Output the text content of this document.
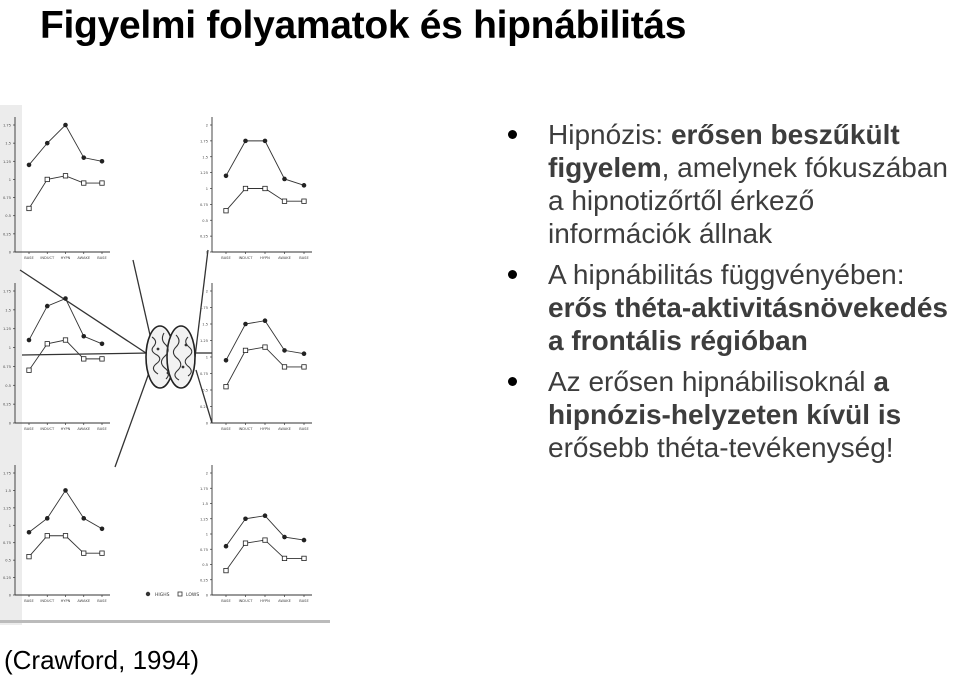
Figyelmi folyamatok és hipnábilitás
0
0.25
0.5
0.75
1
1.25
1.5
1.75
BASE INDUCT HYPN AWAKE BASE
0
0.25
0.5
0.75
1
1.25
1.5
1.75
2
BASE INDUCT HYPN AWAKE BASE
0
0.25
0.5
0.75
1
1.25
1.5
1.75
BASE INDUCT HYPN AWAKE BASE
0
0.25
0.5
0.75
1
1.25
1.5
1.75
2
BASE INDUCT HYPN AWAKE BASE
0
0.25
0.5
0.75
1
1.25
1.5
1.75
BASE INDUCT HYPN AWAKE BASE
0
0.25
0.5
0.75
1
1.25
1.5
1.75
2
BASE INDUCT HYPN AWAKE BASE
HIGHS	LOWS
(Crawford, 1994)
Hipnózis: erősen beszűkült figyelem, amelynek fókuszában a hipnotizőrtől érkező információk állnak
A hipnábilitás függvényében: erős théta-aktivitásnövekedés a frontális régióban
Az erősen hipnábilisoknál a hipnózis-helyzeten kívül is erősebb théta-tevékenység!
